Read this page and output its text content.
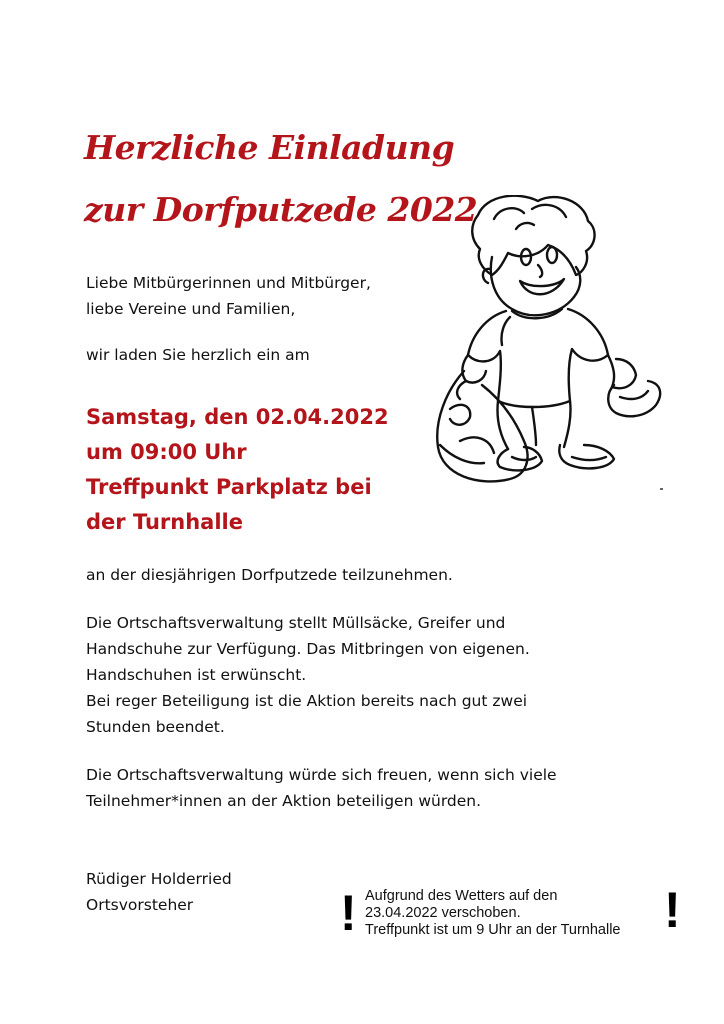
Herzliche Einladung
zur Dorfputzede 2022

Liebe Mitbürgerinnen und Mitbürger,

liebe Vereine und Familien,

wir laden Sie herzlich ein am

Samstag, den 02.04.2022

um 09:00 Uhr

Treffpunkt Parkplatz bei

der Turnhalle

an der diesjährigen Dorfputzede teilzunehmen.

Die Ortschaftsverwaltung stellt Müllsäcke, Greifer und

Handschuhe zur Verfügung. Das Mitbringen von eigenen.

Handschuhen ist erwünscht.

Bei reger Beteiligung ist die Aktion bereits nach gut zwei

Stunden beendet.

Die Ortschaftsverwaltung würde sich freuen, wenn sich viele

Teilnehmer*innen an der Aktion beteiligen würden.

Rüdiger Holderried

Ortsvorsteher	! Aufgrund des Wetters auf den
23.04.2022 verschoben.
Treffpunkt ist um 9 Uhr an der Turnhalle !
